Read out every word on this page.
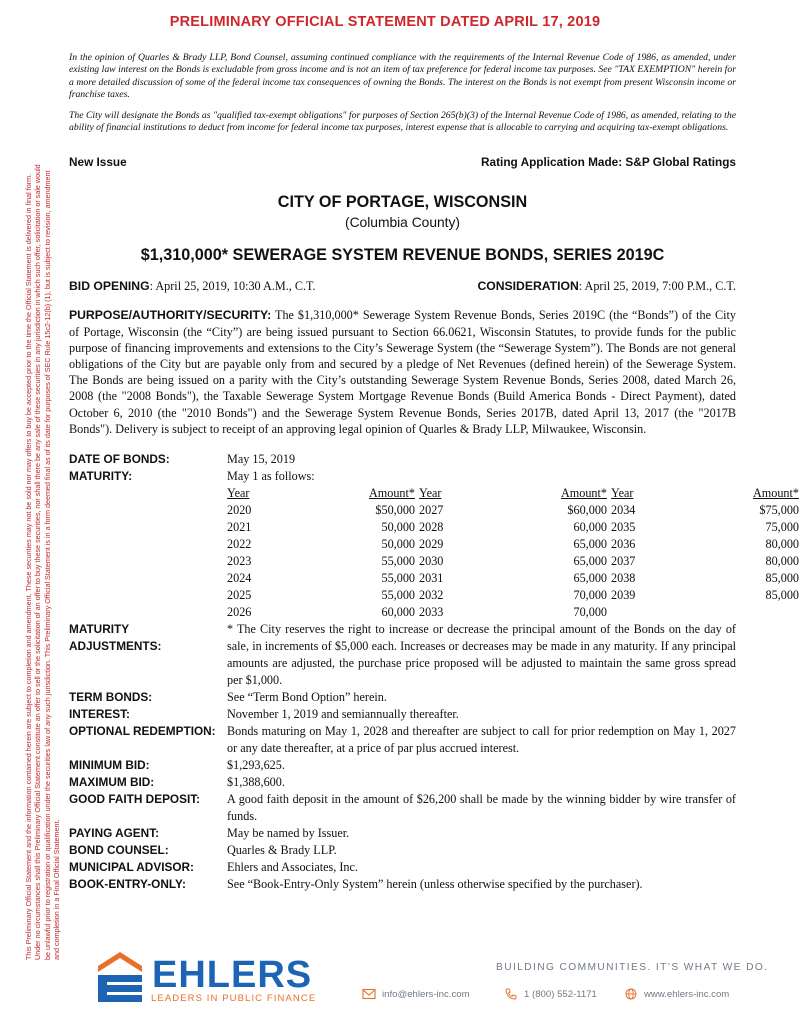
PRELIMINARY OFFICIAL STATEMENT DATED APRIL 17, 2019
This Preliminary Official Statement and the information contained herein are subject to completion and amendment. These securities may not be sold nor may offers to buy be accepted prior to the time the Official Statement is delivered in final form. Under no circumstances shall this Preliminary Official Statement constitute an offer to sell or the solicitation of an offer to buy these securities, nor shall there be any sale of these securities in any jurisdiction in which such offer, solicitation or sale would be unlawful prior to registration or qualification under the securities law of any such jurisdiction. This Preliminary Official Statement is in a form deemed final as of its date for purposes of SEC Rule 15c2-12(b) (1), but is subject to revision, amendment and completion in a Final Official Statement.

In the opinion of Quarles & Brady LLP, Bond Counsel, assuming continued compliance with the requirements of the Internal Revenue Code of 1986, as amended, under existing law interest on the Bonds is excludable from gross income and is not an item of tax preference for federal income tax purposes. See "TAX EXEMPTION" herein for a more detailed discussion of some of the federal income tax consequences of owning the Bonds. The interest on the Bonds is not exempt from present Wisconsin income or franchise taxes.

The City will designate the Bonds as "qualified tax-exempt obligations" for purposes of Section 265(b)(3) of the Internal Revenue Code of 1986, as amended, relating to the ability of financial institutions to deduct from income for federal income tax purposes, interest expense that is allocable to carrying and acquiring tax-exempt obligations.

New Issue	Rating Application Made: S&P Global Ratings
CITY OF PORTAGE, WISCONSIN
(Columbia County)
$1,310,000* SEWERAGE SYSTEM REVENUE BONDS, SERIES 2019C
BID OPENING: April 25, 2019, 10:30 A.M., C.T.	CONSIDERATION: April 25, 2019, 7:00 P.M., C.T.
PURPOSE/AUTHORITY/SECURITY: The $1,310,000* Sewerage System Revenue Bonds, Series 2019C (the “Bonds”) of the City of Portage, Wisconsin (the “City”) are being issued pursuant to Section 66.0621, Wisconsin Statutes, to provide funds for the public purpose of financing improvements and extensions to the City’s Sewerage System (the “Sewerage System”). The Bonds are not general obligations of the City but are payable only from and secured by a pledge of Net Revenues (defined herein) of the Sewerage System. The Bonds are being issued on a parity with the City’s outstanding Sewerage System Revenue Bonds, Series 2008, dated March 26, 2008 (the "2008 Bonds"), the Taxable Sewerage System Mortgage Revenue Bonds (Build America Bonds - Direct Payment), dated October 6, 2010 (the "2010 Bonds") and the Sewerage System Revenue Bonds, Series 2017B, dated April 13, 2017 (the "2017B Bonds"). Delivery is subject to receipt of an approving legal opinion of Quarles & Brady LLP, Milwaukee, Wisconsin.
DATE OF BONDS:	May 15, 2019
MATURITY:	May 1 as follows:
Year	Amount* Year	Amount* Year	Amount*
2020	$50,000 2027	$60,000 2034	$75,000
2021	50,000 2028	60,000 2035	75,000
2022	50,000 2029	65,000 2036	80,000
2023	55,000 2030	65,000 2037	80,000
2024	55,000 2031	65,000 2038	85,000
2025	55,000 2032	70,000 2039	85,000
2026	60,000 2033	70,000
MATURITY
ADJUSTMENTS:
* The City reserves the right to increase or decrease the principal amount of the Bonds on the day of sale, in increments of $5,000 each. Increases or decreases may be made in any maturity. If any principal amounts are adjusted, the purchase price proposed will be adjusted to maintain the same gross spread per $1,000.
TERM BONDS:	See “Term Bond Option” herein.
INTEREST:	November 1, 2019 and semiannually thereafter.
OPTIONAL REDEMPTION: Bonds maturing on May 1, 2028 and thereafter are subject to call for prior redemption on May 1, 2027 or any date thereafter, at a price of par plus accrued interest.
MINIMUM BID:	$1,293,625.
MAXIMUM BID:	$1,388,600.
GOOD FAITH DEPOSIT:	A good faith deposit in the amount of $26,200 shall be made by the winning bidder by wire transfer of funds.
PAYING AGENT:	May be named by Issuer.
BOND COUNSEL:	Quarles & Brady LLP.
MUNICIPAL ADVISOR:	Ehlers and Associates, Inc.
BOOK-ENTRY-ONLY:	See “Book-Entry-Only System” herein (unless otherwise specified by the purchaser).
EHLERS
LEADERS IN PUBLIC FINANCE
BUILDING COMMUNITIES. IT’S WHAT WE DO.
info@ehlers-inc.com	1 (800) 552-1171	www.ehlers-inc.com
